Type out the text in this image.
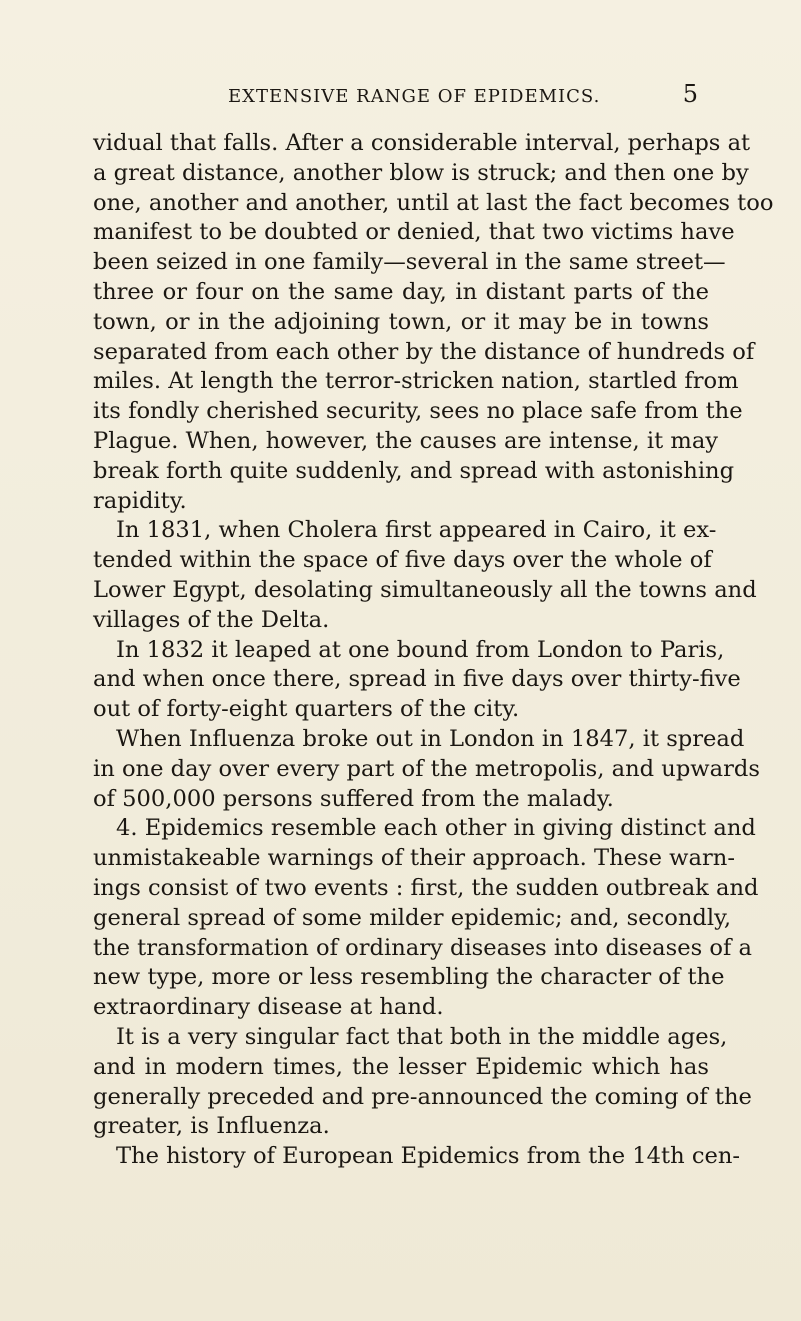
EXTENSIVE RANGE OF EPIDEMICS.	5
vidual that falls. After a considerable interval, perhaps at
a great distance, another blow is struck; and then one by
one, another and another, until at last the fact becomes too
manifest to be doubted or denied, that two victims have
been seized in one family—several in the same street—
three or four on the same day, in distant parts of the
town, or in the adjoining town, or it may be in towns
separated from each other by the distance of hundreds of
miles. At length the terror-stricken nation, startled from
its fondly cherished security, sees no place safe from the
Plague. When, however, the causes are intense, it may
break forth quite suddenly, and spread with astonishing
rapidity.
In 1831, when Cholera first appeared in Cairo, it ex-
tended within the space of five days over the whole of
Lower Egypt, desolating simultaneously all the towns and
villages of the Delta.
In 1832 it leaped at one bound from London to Paris,
and when once there, spread in five days over thirty-five
out of forty-eight quarters of the city.
When Influenza broke out in London in 1847, it spread
in one day over every part of the metropolis, and upwards
of 500,000 persons suffered from the malady.
4. Epidemics resemble each other in giving distinct and
unmistakeable warnings of their approach. These warn-
ings consist of two events : first, the sudden outbreak and
general spread of some milder epidemic; and, secondly,
the transformation of ordinary diseases into diseases of a
new type, more or less resembling the character of the
extraordinary disease at hand.
It is a very singular fact that both in the middle ages,
and in modern times, the lesser Epidemic which has
generally preceded and pre-announced the coming of the
greater, is Influenza.
The history of European Epidemics from the 14th cen-
